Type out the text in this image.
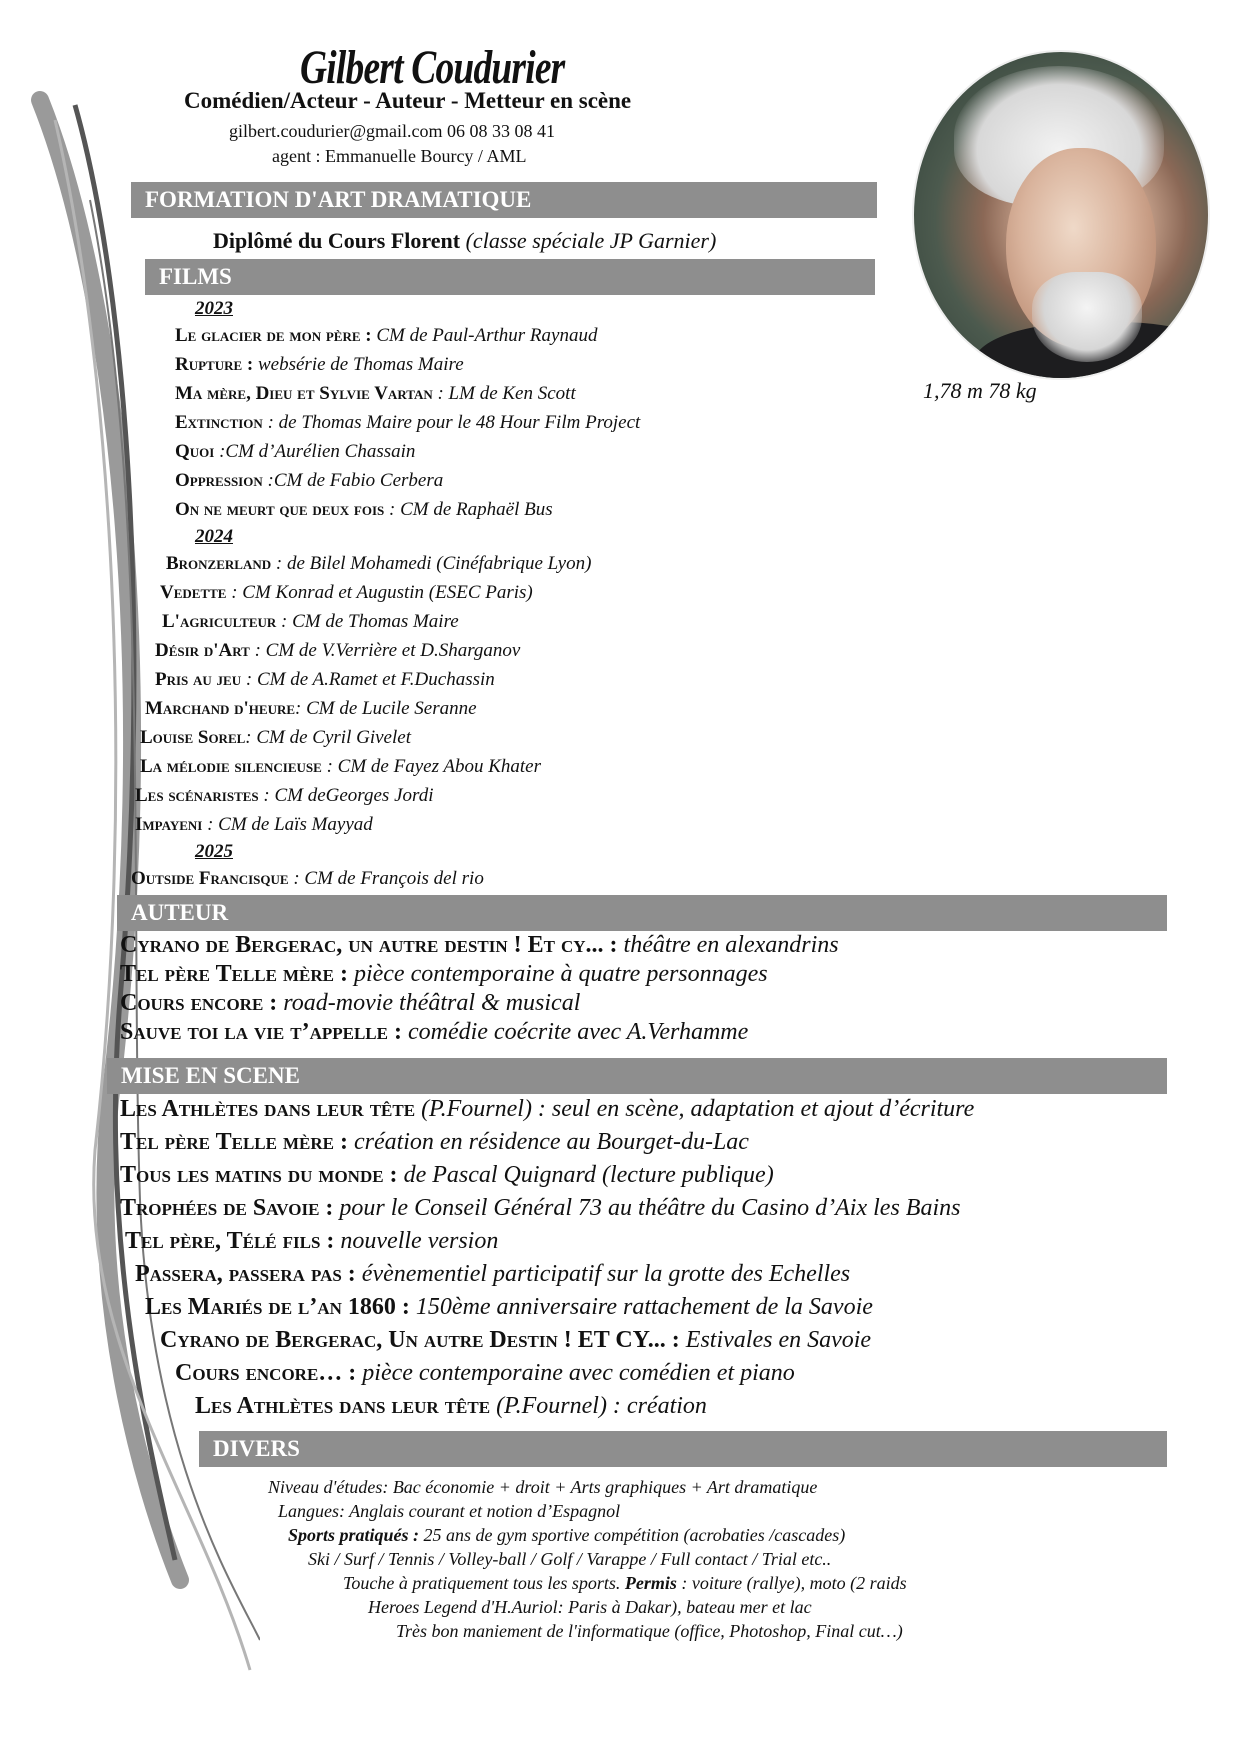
Gilbert Coudurier
Comédien/Acteur - Auteur - Metteur en scène
gilbert.coudurier@gmail.com 06 08 33 08 41
agent : Emmanuelle Bourcy / AML
1,78 m 78 kg
FORMATION D'ART DRAMATIQUE
Diplômé du Cours Florent (classe spéciale JP Garnier)
FILMS
2023
Le glacier de mon père : CM de Paul-Arthur Raynaud
Rupture : websérie de Thomas Maire
Ma mère, Dieu et Sylvie Vartan : LM de Ken Scott
Extinction : de Thomas Maire pour le 48 Hour Film Project
Quoi :CM d’Aurélien Chassain
Oppression :CM de Fabio Cerbera
On ne meurt que deux fois : CM de Raphaël Bus
2024
Bronzerland : de Bilel Mohamedi (Cinéfabrique Lyon)
Vedette : CM Konrad et Augustin (ESEC Paris)
L'agriculteur : CM de Thomas Maire
Désir d'Art : CM de V.Verrière et D.Sharganov
Pris au jeu : CM de A.Ramet et F.Duchassin
Marchand d'heure: CM de Lucile Seranne
Louise Sorel: CM de Cyril Givelet
La mélodie silencieuse : CM de Fayez Abou Khater
Les scénaristes : CM deGeorges Jordi
Impayeni : CM de Laïs Mayyad
2025
Outside Francisque : CM de François del rio
AUTEUR
Cyrano de Bergerac, un autre destin ! Et cy... : théâtre en alexandrins
Tel père Telle mère : pièce contemporaine à quatre personnages
Cours encore : road-movie théâtral & musical
Sauve toi la vie t’appelle : comédie coécrite avec A.Verhamme
MISE EN SCENE
Les Athlètes dans leur tête (P.Fournel) : seul en scène, adaptation et ajout d’écriture
Tel père Telle mère : création en résidence au Bourget-du-Lac
Tous les matins du monde : de Pascal Quignard (lecture publique)
Trophées de Savoie : pour le Conseil Général 73 au théâtre du Casino d’Aix les Bains
Tel père, Télé fils : nouvelle version
Passera, passera pas : évènementiel participatif sur la grotte des Echelles
Les Mariés de l’an 1860 : 150ème anniversaire rattachement de la Savoie
Cyrano de Bergerac, Un autre Destin ! ET CY... : Estivales en Savoie
Cours encore… : pièce contemporaine avec comédien et piano
Les Athlètes dans leur tête (P.Fournel) : création
DIVERS
Niveau d'études: Bac économie + droit + Arts graphiques + Art dramatique
Langues: Anglais courant et notion d’Espagnol
Sports pratiqués : 25 ans de gym sportive compétition (acrobaties /cascades)
Ski / Surf / Tennis / Volley-ball / Golf / Varappe / Full contact / Trial etc..
Touche à pratiquement tous les sports. Permis : voiture (rallye), moto (2 raids
Heroes Legend d'H.Auriol: Paris à Dakar), bateau mer et lac
Très bon maniement de l'informatique (office, Photoshop, Final cut…)
